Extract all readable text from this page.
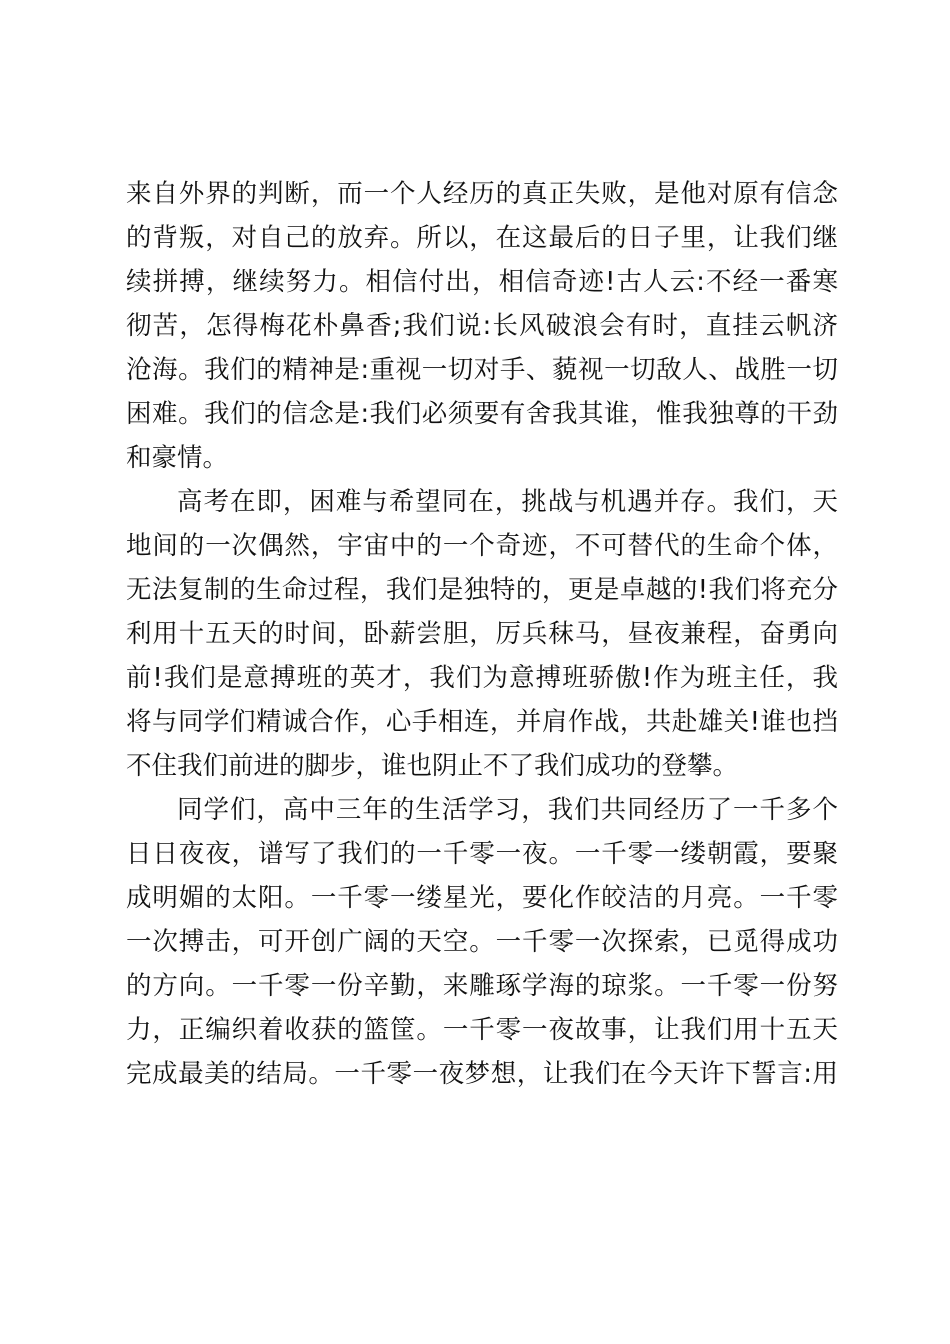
来自外界的判断，而一个人经历的真正失败，是他对原有信念
的背叛，对自己的放弃。所以，在这最后的日子里，让我们继
续拼搏，继续努力。相信付出，相信奇迹!古人云:不经一番寒
彻苦，怎得梅花朴鼻香;我们说:长风破浪会有时，直挂云帆济
沧海。我们的精神是:重视一切对手、藐视一切敌人、战胜一切
困难。我们的信念是:我们必须要有舍我其谁，惟我独尊的干劲
和豪情。
高考在即，困难与希望同在，挑战与机遇并存。我们，天
地间的一次偶然，宇宙中的一个奇迹，不可替代的生命个体，
无法复制的生命过程，我们是独特的，更是卓越的!我们将充分
利用十五天的时间，卧薪尝胆，厉兵秣马，昼夜兼程，奋勇向
前!我们是意搏班的英才，我们为意搏班骄傲!作为班主任，我
将与同学们精诚合作，心手相连，并肩作战，共赴雄关!谁也挡
不住我们前进的脚步，谁也阴止不了我们成功的登攀。
同学们，高中三年的生活学习，我们共同经历了一千多个
日日夜夜，谱写了我们的一千零一夜。一千零一缕朝霞，要聚
成明媚的太阳。一千零一缕星光，要化作皎洁的月亮。一千零
一次搏击，可开创广阔的天空。一千零一次探索，已觅得成功
的方向。一千零一份辛勤，来雕琢学海的琼浆。一千零一份努
力，正编织着收获的篮筐。一千零一夜故事，让我们用十五天
完成最美的结局。一千零一夜梦想，让我们在今天许下誓言:用
